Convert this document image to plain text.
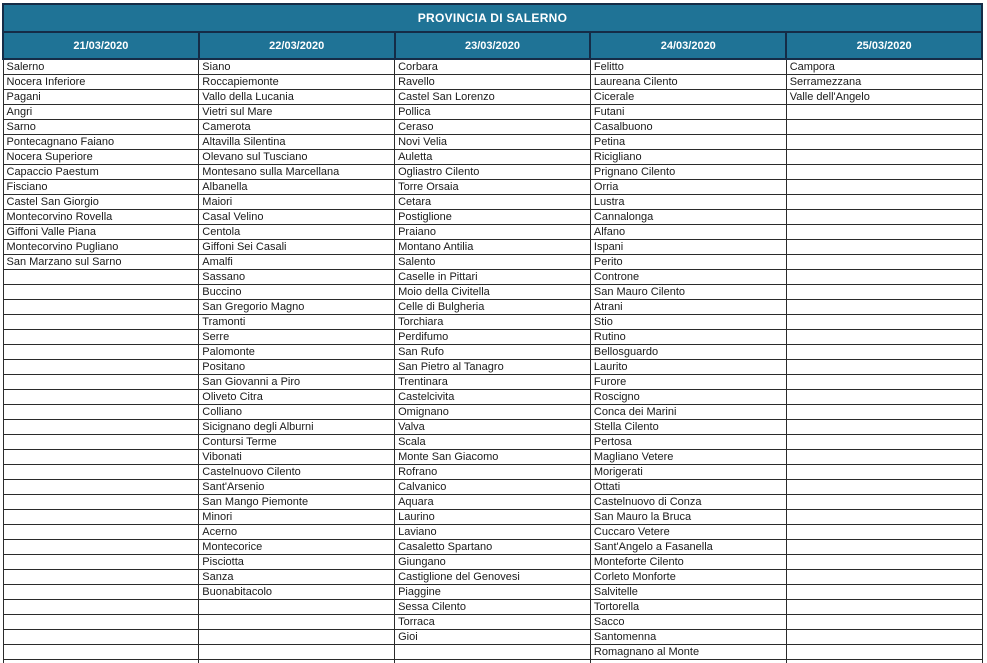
PROVINCIA DI SALERNO				
21/03/2020	22/03/2020	23/03/2020	24/03/2020	25/03/2020
Salerno	Siano	Corbara	Felitto	Campora
Nocera Inferiore	Roccapiemonte	Ravello	Laureana Cilento	Serramezzana
Pagani	Vallo della Lucania	Castel San Lorenzo	Cicerale	Valle dell'Angelo
Angri	Vietri sul Mare	Pollica	Futani	
Sarno	Camerota	Ceraso	Casalbuono	
Pontecagnano Faiano	Altavilla Silentina	Novi Velia	Petina	
Nocera Superiore	Olevano sul Tusciano	Auletta	Ricigliano	
Capaccio Paestum	Montesano sulla Marcellana	Ogliastro Cilento	Prignano Cilento	
Fisciano	Albanella	Torre Orsaia	Orria	
Castel San Giorgio	Maiori	Cetara	Lustra	
Montecorvino Rovella	Casal Velino	Postiglione	Cannalonga	
Giffoni Valle Piana	Centola	Praiano	Alfano	
Montecorvino Pugliano	Giffoni Sei Casali	Montano Antilia	Ispani	
San Marzano sul Sarno	Amalfi	Salento	Perito	
	Sassano	Caselle in Pittari	Controne	
	Buccino	Moio della Civitella	San Mauro Cilento	
	San Gregorio Magno	Celle di Bulgheria	Atrani	
	Tramonti	Torchiara	Stio	
	Serre	Perdifumo	Rutino	
	Palomonte	San Rufo	Bellosguardo	
	Positano	San Pietro al Tanagro	Laurito	
	San Giovanni a Piro	Trentinara	Furore	
	Oliveto Citra	Castelcivita	Roscigno	
	Colliano	Omignano	Conca dei Marini	
	Sicignano degli Alburni	Valva	Stella Cilento	
	Contursi Terme	Scala	Pertosa	
	Vibonati	Monte San Giacomo	Magliano Vetere	
	Castelnuovo Cilento	Rofrano	Morigerati	
	Sant'Arsenio	Calvanico	Ottati	
	San Mango Piemonte	Aquara	Castelnuovo di Conza	
	Minori	Laurino	San Mauro la Bruca	
	Acerno	Laviano	Cuccaro Vetere	
	Montecorice	Casaletto Spartano	Sant'Angelo a Fasanella	
	Pisciotta	Giungano	Monteforte Cilento	
	Sanza	Castiglione del Genovesi	Corleto Monforte	
	Buonabitacolo	Piaggine	Salvitelle	
		Sessa Cilento	Tortorella	
		Torraca	Sacco	
		Gioi	Santomenna	
			Romagnano al Monte	
